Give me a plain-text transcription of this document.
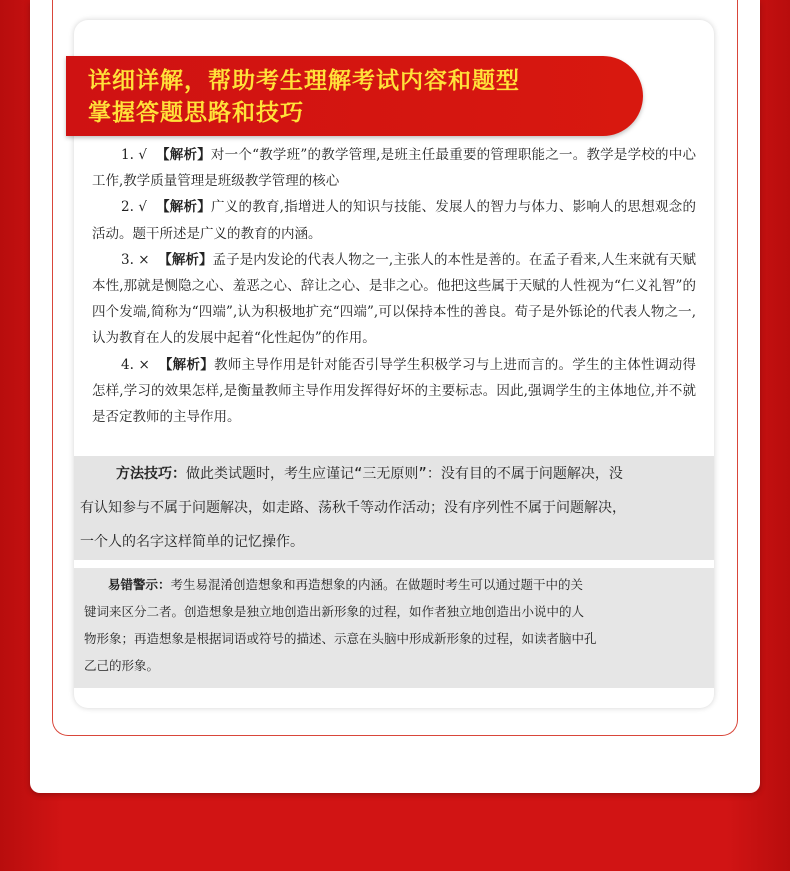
详细详解，帮助考生理解考试内容和题型
掌握答题思路和技巧

1. √ 【解析】对一个“教学班”的教学管理,是班主任最重要的管理职能之一。教学是学校的中心工作,教学质量管理是班级教学管理的核心

2. √ 【解析】广义的教育,指增进人的知识与技能、发展人的智力与体力、影响人的思想观念的活动。题干所述是广义的教育的内涵。

3. × 【解析】孟子是内发论的代表人物之一,主张人的本性是善的。在孟子看来,人生来就有天赋本性,那就是恻隐之心、羞恶之心、辞让之心、是非之心。他把这些属于天赋的人性视为“仁义礼智”的四个发端,简称为“四端”,认为积极地扩充“四端”,可以保持本性的善良。荀子是外铄论的代表人物之一,认为教育在人的发展中起着“化性起伪”的作用。

4. × 【解析】教师主导作用是针对能否引导学生积极学习与上进而言的。学生的主体性调动得怎样,学习的效果怎样,是衡量教师主导作用发挥得好坏的主要标志。因此,强调学生的主体地位,并不就是否定教师的主导作用。

方法技巧：做此类试题时，考生应谨记“三无原则”：没有目的不属于问题解决，没
有认知参与不属于问题解决，如走路、荡秋千等动作活动；没有序列性不属于问题解决，
一个人的名字这样简单的记忆操作。
易错警示：考生易混淆创造想象和再造想象的内涵。在做题时考生可以通过题干中的关
键词来区分二者。创造想象是独立地创造出新形象的过程，如作者独立地创造出小说中的人
物形象；再造想象是根据词语或符号的描述、示意在头脑中形成新形象的过程，如读者脑中孔
乙己的形象。
